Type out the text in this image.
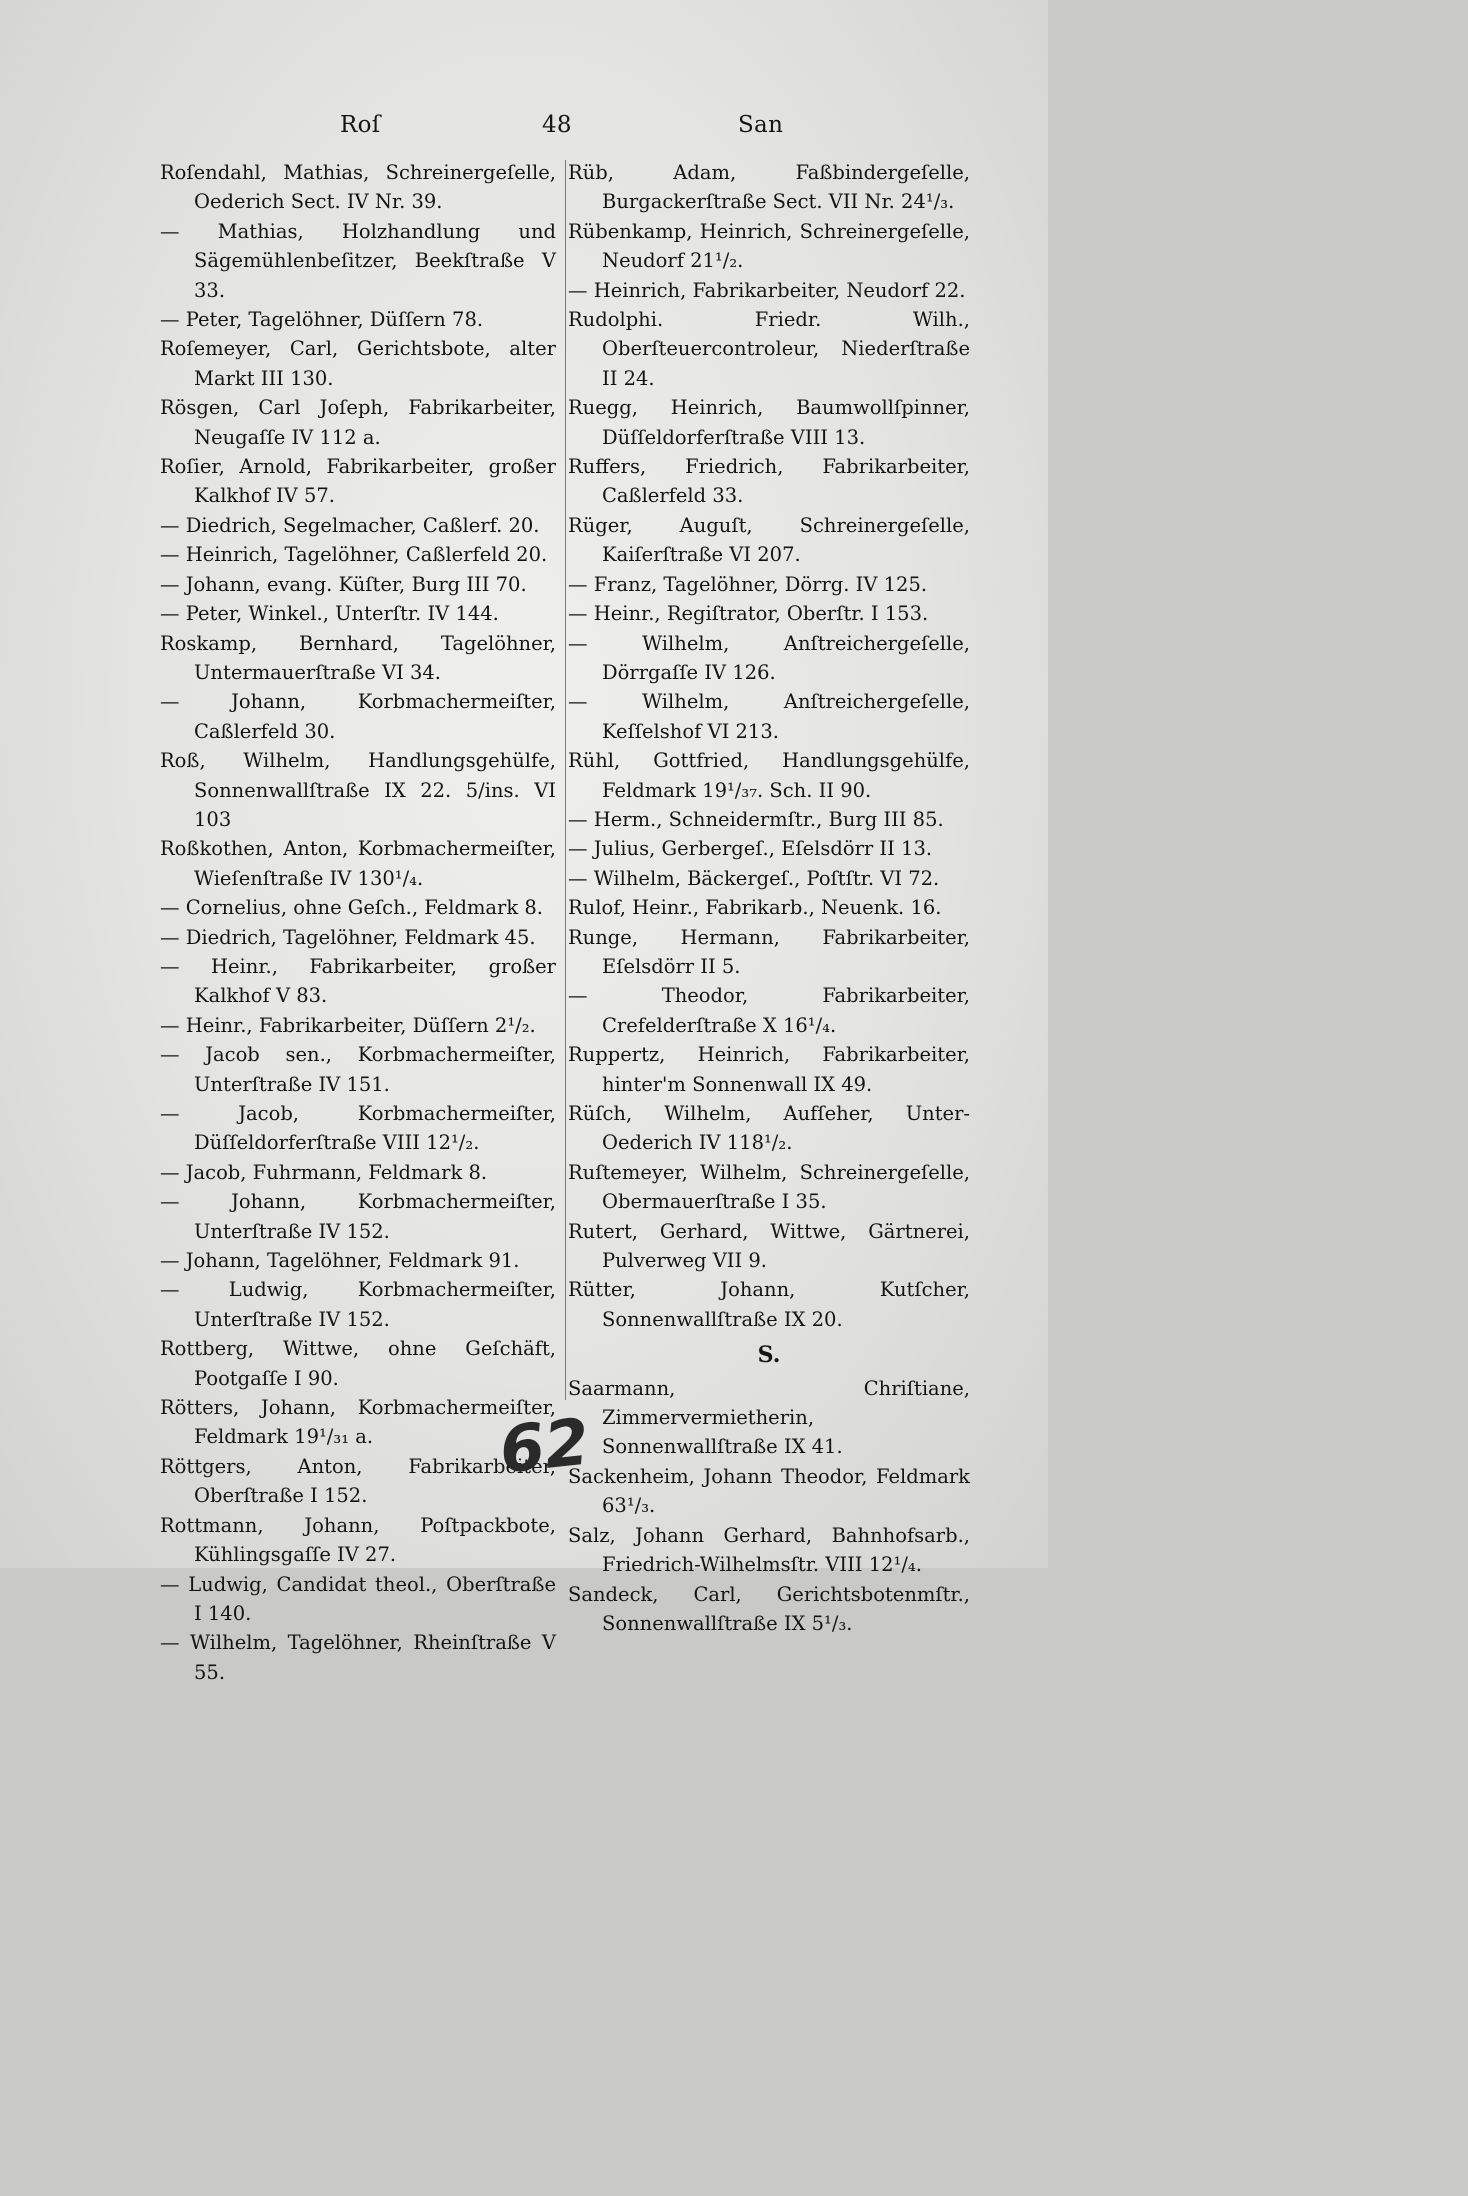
Roſ	48	San

Roſendahl, Mathias, Schreinergeſelle, Oederich Sect. IV Nr. 39.

— Mathias, Holzhandlung und Sägemühlenbeſitzer, Beekſtraße V 33.

— Peter, Tagelöhner, Düſſern 78.

Roſemeyer, Carl, Gerichtsbote, alter Markt III 130.

Rösgen, Carl Joſeph, Fabrikarbeiter, Neugaſſe IV 112 a.

Roſier, Arnold, Fabrikarbeiter, großer Kalkhof IV 57.

— Diedrich, Segelmacher, Caßlerf. 20.

— Heinrich, Tagelöhner, Caßlerfeld 20.

— Johann, evang. Küſter, Burg III 70.

— Peter, Winkel., Unterſtr. IV 144.

Roskamp, Bernhard, Tagelöhner, Untermauerſtraße VI 34.

— Johann, Korbmachermeiſter, Caßlerfeld 30.

Roß, Wilhelm, Handlungsgehülfe, Sonnenwallſtraße IX 22. 5/ins. VI 103

Roßkothen, Anton, Korbmachermeiſter, Wieſenſtraße IV 130¹/₄.

— Cornelius, ohne Geſch., Feldmark 8.

— Diedrich, Tagelöhner, Feldmark 45.

— Heinr., Fabrikarbeiter, großer Kalkhof V 83.

— Heinr., Fabrikarbeiter, Düſſern 2¹/₂.

— Jacob sen., Korbmachermeiſter, Unterſtraße IV 151.

— Jacob, Korbmachermeiſter, Düſſeldorferſtraße VIII 12¹/₂.

— Jacob, Fuhrmann, Feldmark 8.

— Johann, Korbmachermeiſter, Unterſtraße IV 152.

— Johann, Tagelöhner, Feldmark 91.

— Ludwig, Korbmachermeiſter, Unterſtraße IV 152.

Rottberg, Wittwe, ohne Geſchäft, Pootgaſſe I 90.

Rötters, Johann, Korbmachermeiſter, Feldmark 19¹/₃₁ a.

Röttgers, Anton, Fabrikarbeiter, Oberſtraße I 152.

Rottmann, Johann, Poſtpackbote, Kühlingsgaſſe IV 27.

— Ludwig, Candidat theol., Oberſtraße I 140.

— Wilhelm, Tagelöhner, Rheinſtraße V 55.

Rüb, Adam, Faßbindergeſelle, Burgackerſtraße Sect. VII Nr. 24¹/₃.

Rübenkamp, Heinrich, Schreinergeſelle, Neudorf 21¹/₂.

— Heinrich, Fabrikarbeiter, Neudorf 22.

Rudolphi. Friedr. Wilh., Oberſteuercontroleur, Niederſtraße II 24.

Ruegg, Heinrich, Baumwollſpinner, Düſſeldorferſtraße VIII 13.

Ruffers, Friedrich, Fabrikarbeiter, Caßlerfeld 33.

Rüger, Auguſt, Schreinergeſelle, Kaiſerſtraße VI 207.

— Franz, Tagelöhner, Dörrg. IV 125.

— Heinr., Regiſtrator, Oberſtr. I 153.

— Wilhelm, Anſtreichergeſelle, Dörrgaſſe IV 126.

— Wilhelm, Anſtreichergeſelle, Keſſelshof VI 213.

Rühl, Gottfried, Handlungsgehülfe, Feldmark 19¹/₃₇. Sch. II 90.

— Herm., Schneidermſtr., Burg III 85.

— Julius, Gerbergeſ., Eſelsdörr II 13.

— Wilhelm, Bäckergeſ., Poſtſtr. VI 72.

Rulof, Heinr., Fabrikarb., Neuenk. 16.

Runge, Hermann, Fabrikarbeiter, Eſelsdörr II 5.

— Theodor, Fabrikarbeiter, Crefelderſtraße X 16¹/₄.

Ruppertz, Heinrich, Fabrikarbeiter, hinter'm Sonnenwall IX 49.

Rüſch, Wilhelm, Aufſeher, Unter-Oederich IV 118¹/₂.

Ruſtemeyer, Wilhelm, Schreinergeſelle, Obermauerſtraße I 35.

Rutert, Gerhard, Wittwe, Gärtnerei, Pulverweg VII 9.

Rütter, Johann, Kutſcher, Sonnenwallſtraße IX 20.

S.

Saarmann, Chriſtiane, Zimmervermietherin, Sonnenwallſtraße IX 41.

Sackenheim, Johann Theodor, Feldmark 63¹/₃.

Salz, Johann Gerhard, Bahnhofsarb., Friedrich-Wilhelmsſtr. VIII 12¹/₄.

Sandeck, Carl, Gerichtsbotenmſtr., Sonnenwallſtraße IX 5¹/₃.

62
